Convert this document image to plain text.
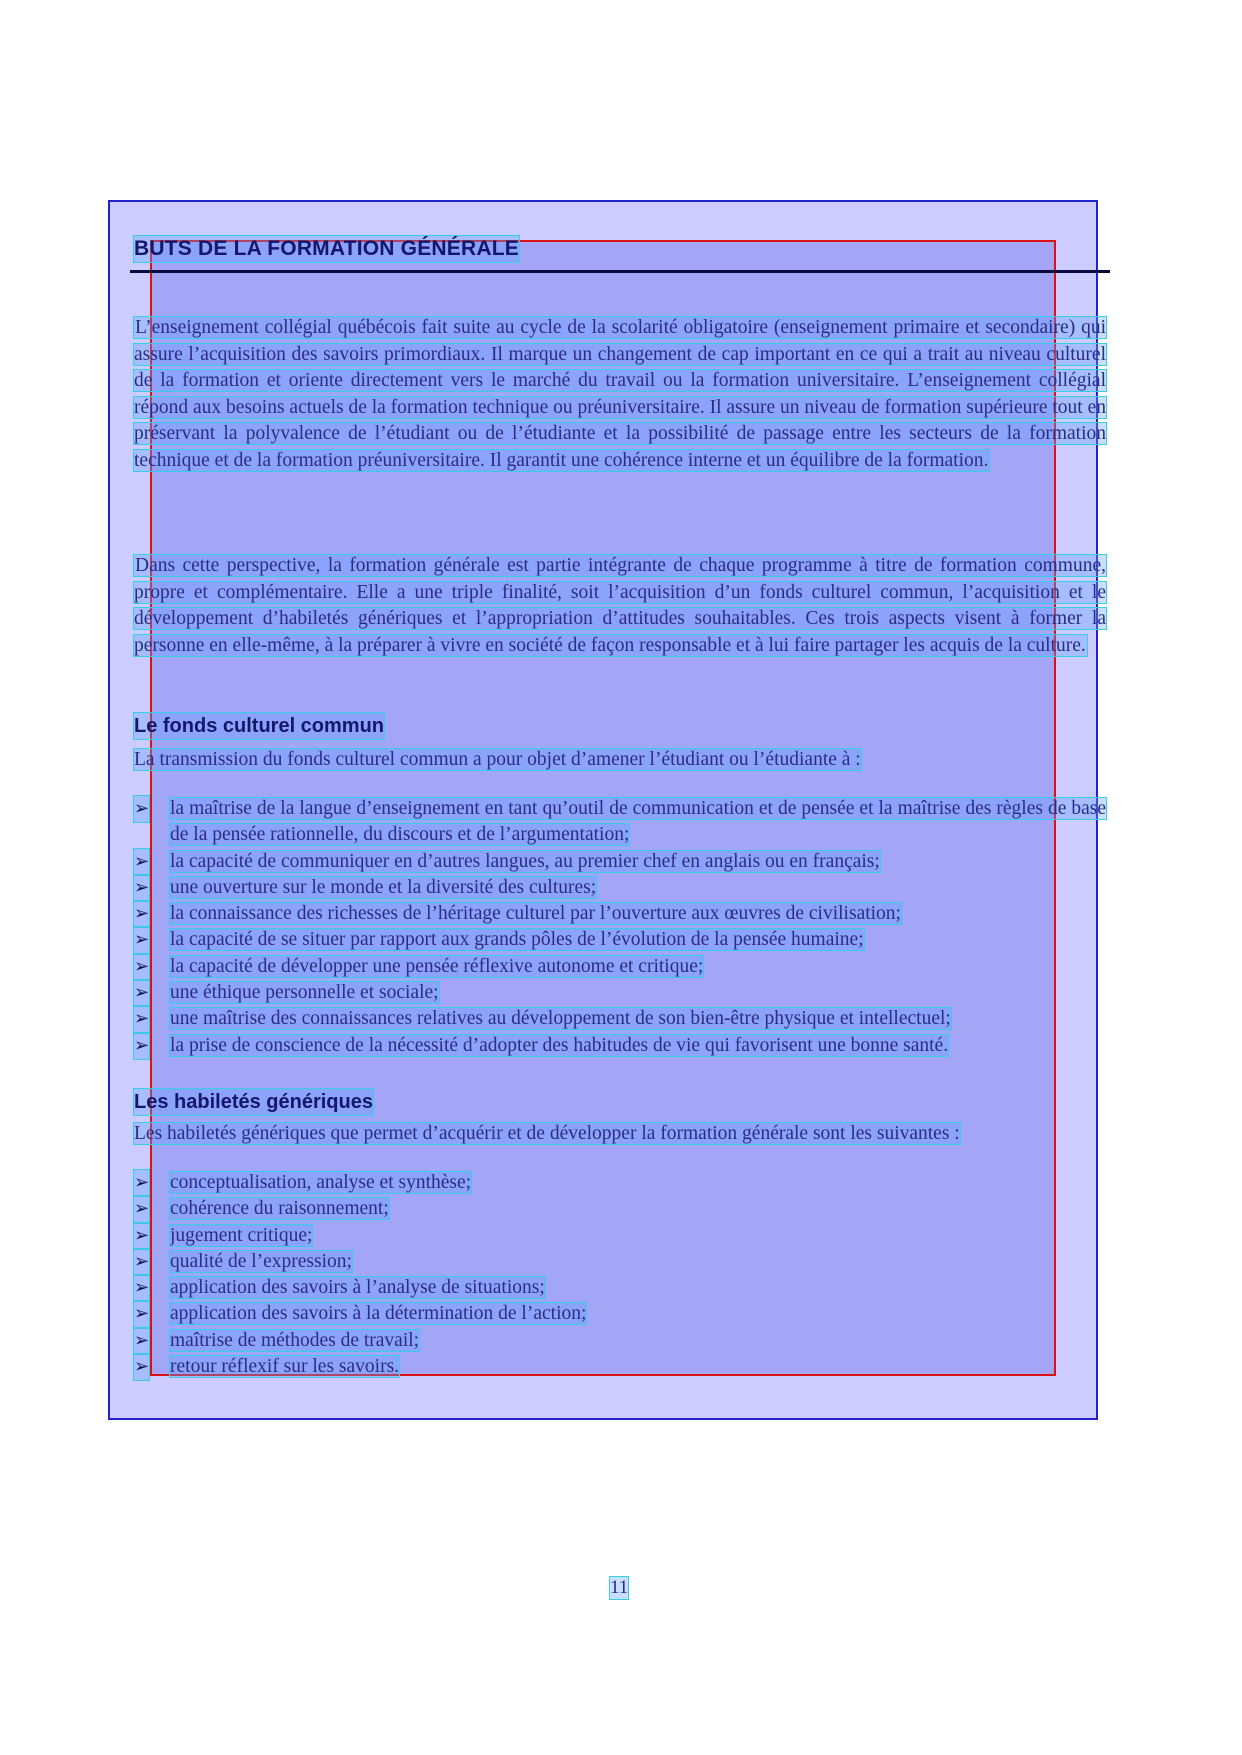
BUTS DE LA FORMATION GÉNÉRALE
L’enseignement collégial québécois fait suite au cycle de la scolarité obligatoire (enseignement primaire et secondaire) qui assure l’acquisition des savoirs primordiaux. Il marque un changement de cap important en ce qui a trait au niveau culturel de la formation et oriente directement vers le marché du travail ou la formation universitaire. L’enseignement collégial répond aux besoins actuels de la formation technique ou préuniversitaire. Il assure un niveau de formation supérieure tout en préservant la polyvalence de l’étudiant ou de l’étudiante et la possibilité de passage entre les secteurs de la formation technique et de la formation préuniversitaire. Il garantit une cohérence interne et un équilibre de la formation.
Dans cette perspective, la formation générale est partie intégrante de chaque programme à titre de formation commune, propre et complémentaire. Elle a une triple finalité, soit l’acquisition d’un fonds culturel commun, l’acquisition et le développement d’habiletés génériques et l’appropriation d’attitudes souhaitables. Ces trois aspects visent à former la personne en elle-même, à la préparer à vivre en société de façon responsable et à lui faire partager les acquis de la culture.
Le fonds culturel commun
La transmission du fonds culturel commun a pour objet d’amener l’étudiant ou l’étudiante à :
➢ la maîtrise de la langue d’enseignement en tant qu’outil de communication et de pensée et la maîtrise des règles de base de la pensée rationnelle, du discours et de l’argumentation;
➢ la capacité de communiquer en d’autres langues, au premier chef en anglais ou en français;
➢ une ouverture sur le monde et la diversité des cultures;
➢ la connaissance des richesses de l’héritage culturel par l’ouverture aux œuvres de civilisation;
➢ la capacité de se situer par rapport aux grands pôles de l’évolution de la pensée humaine;
➢ la capacité de développer une pensée réflexive autonome et critique;
➢ une éthique personnelle et sociale;
➢ une maîtrise des connaissances relatives au développement de son bien-être physique et intellectuel;
➢ la prise de conscience de la nécessité d’adopter des habitudes de vie qui favorisent une bonne santé.
Les habiletés génériques
Les habiletés génériques que permet d’acquérir et de développer la formation générale sont les suivantes :
➢ conceptualisation, analyse et synthèse;
➢ cohérence du raisonnement;
➢ jugement critique;
➢ qualité de l’expression;
➢ application des savoirs à l’analyse de situations;
➢ application des savoirs à la détermination de l’action;
➢ maîtrise de méthodes de travail;
➢ retour réflexif sur les savoirs.
11
